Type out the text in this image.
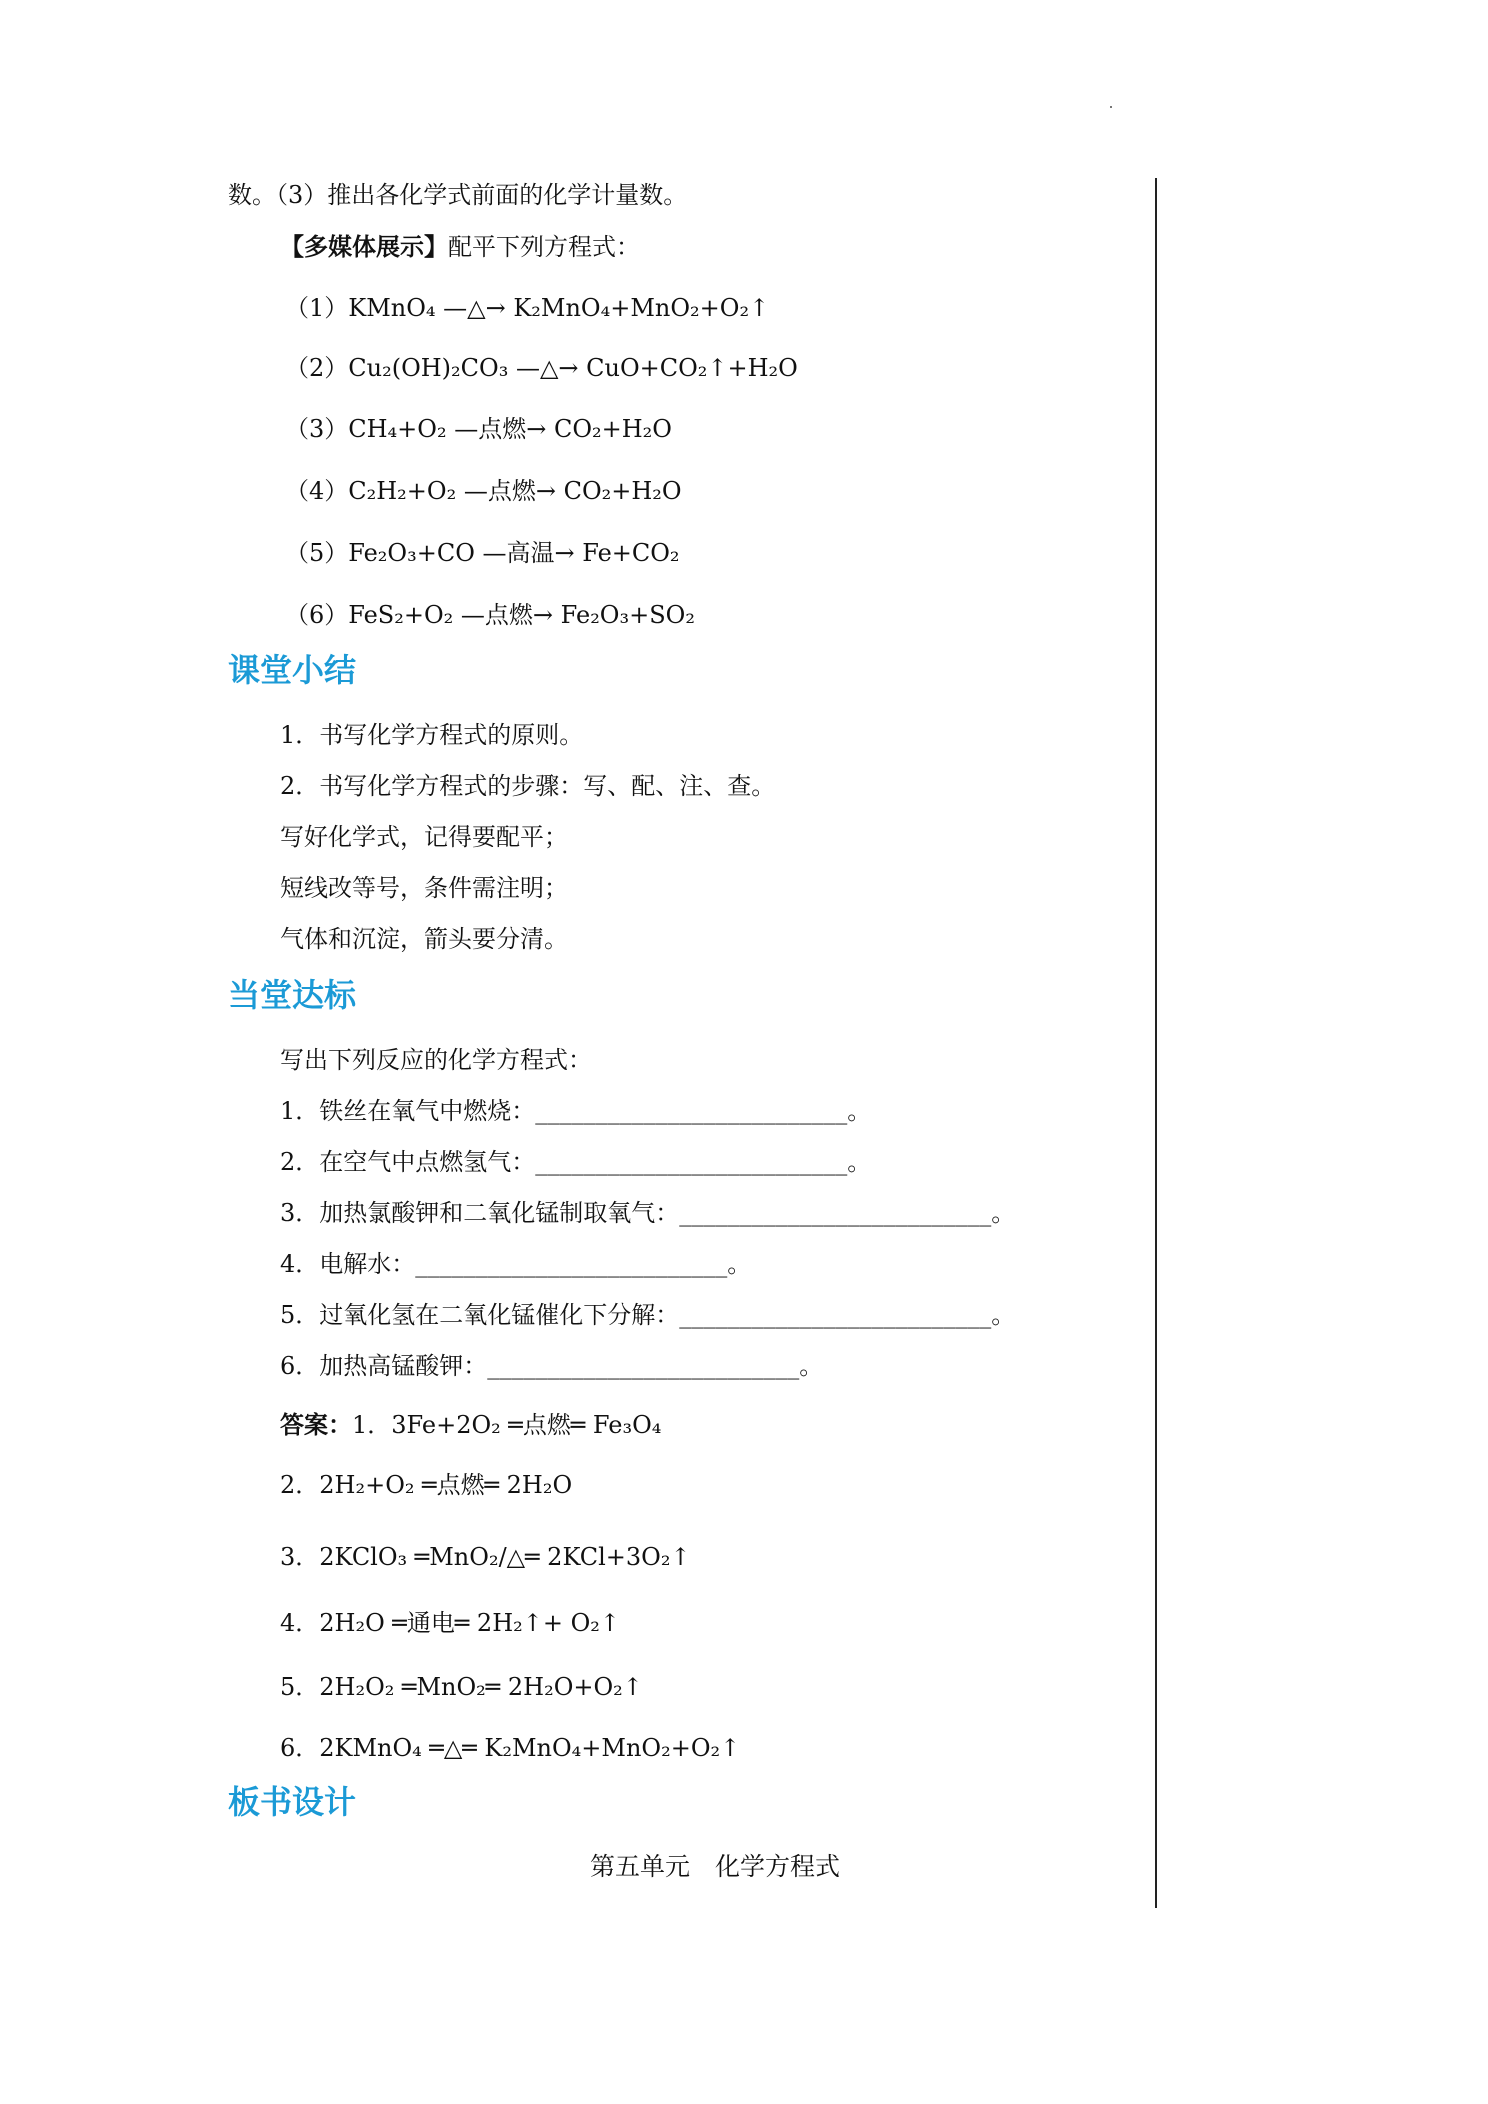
数。（3）推出各化学式前面的化学计量数。
【多媒体展示】配平下列方程式：
（1）KMnO₄ —△→ K₂MnO₄+MnO₂+O₂↑
（2）Cu₂(OH)₂CO₃ —△→ CuO+CO₂↑+H₂O
（3）CH₄+O₂ —点燃→ CO₂+H₂O
（4）C₂H₂+O₂ —点燃→ CO₂+H₂O
（5）Fe₂O₃+CO —高温→ Fe+CO₂
（6）FeS₂+O₂ —点燃→ Fe₂O₃+SO₂
课堂小结
1．书写化学方程式的原则。
2．书写化学方程式的步骤：写、配、注、查。
写好化学式，记得要配平；
短线改等号，条件需注明；
气体和沉淀，箭头要分清。
当堂达标
写出下列反应的化学方程式：
1．铁丝在氧气中燃烧：__________________________。
2．在空气中点燃氢气：__________________________。
3．加热氯酸钾和二氧化锰制取氧气：__________________________。
4．电解水：__________________________。
5．过氧化氢在二氧化锰催化下分解：__________________________。
6．加热高锰酸钾：__________________________。
答案：1．3Fe+2O₂ ═点燃═ Fe₃O₄
2．2H₂+O₂ ═点燃═ 2H₂O
3．2KClO₃ ═MnO₂/△═ 2KCl+3O₂↑
4．2H₂O ═通电═ 2H₂↑+ O₂↑
5．2H₂O₂ ═MnO₂═ 2H₂O+O₂↑
6．2KMnO₄ ═△═ K₂MnO₄+MnO₂+O₂↑
板书设计
第五单元　化学方程式
